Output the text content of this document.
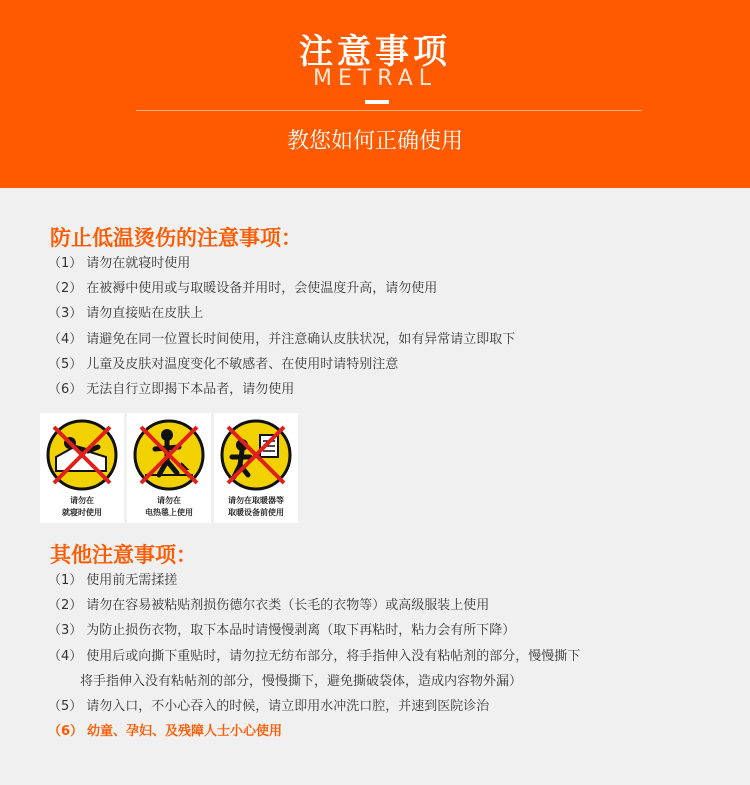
注意事项
METRAL
教您如何正确使用
防止低温烫伤的注意事项：
（1） 请勿在就寝时使用
（2） 在被褥中使用或与取暖设备并用时，会使温度升高，请勿使用
（3） 请勿直接贴在皮肤上
（4） 请避免在同一位置长时间使用，并注意确认皮肤状况，如有异常请立即取下
（5） 儿童及皮肤对温度变化不敏感者、在使用时请特别注意
（6） 无法自行立即揭下本品者，请勿使用
请勿在
就寝时使用
请勿在
电热毯上使用
请勿在取暖器等
取暖设备前使用
其他注意事项：
（1） 使用前无需揉搓
（2） 请勿在容易被粘贴剂损伤德尔衣类（长毛的衣物等）或高级服装上使用
（3） 为防止损伤衣物，取下本品时请慢慢剥离（取下再粘时，粘力会有所下降）
（4） 使用后或向撕下重贴时，请勿拉无纺布部分，将手指伸入没有粘帖剂的部分，慢慢撕下
将手指伸入没有粘帖剂的部分，慢慢撕下，避免撕破袋体，造成内容物外漏）
（5） 请勿入口，不小心吞入的时候，请立即用水冲洗口腔，并速到医院诊治
（6） 幼童、孕妇、及残障人士小心使用
